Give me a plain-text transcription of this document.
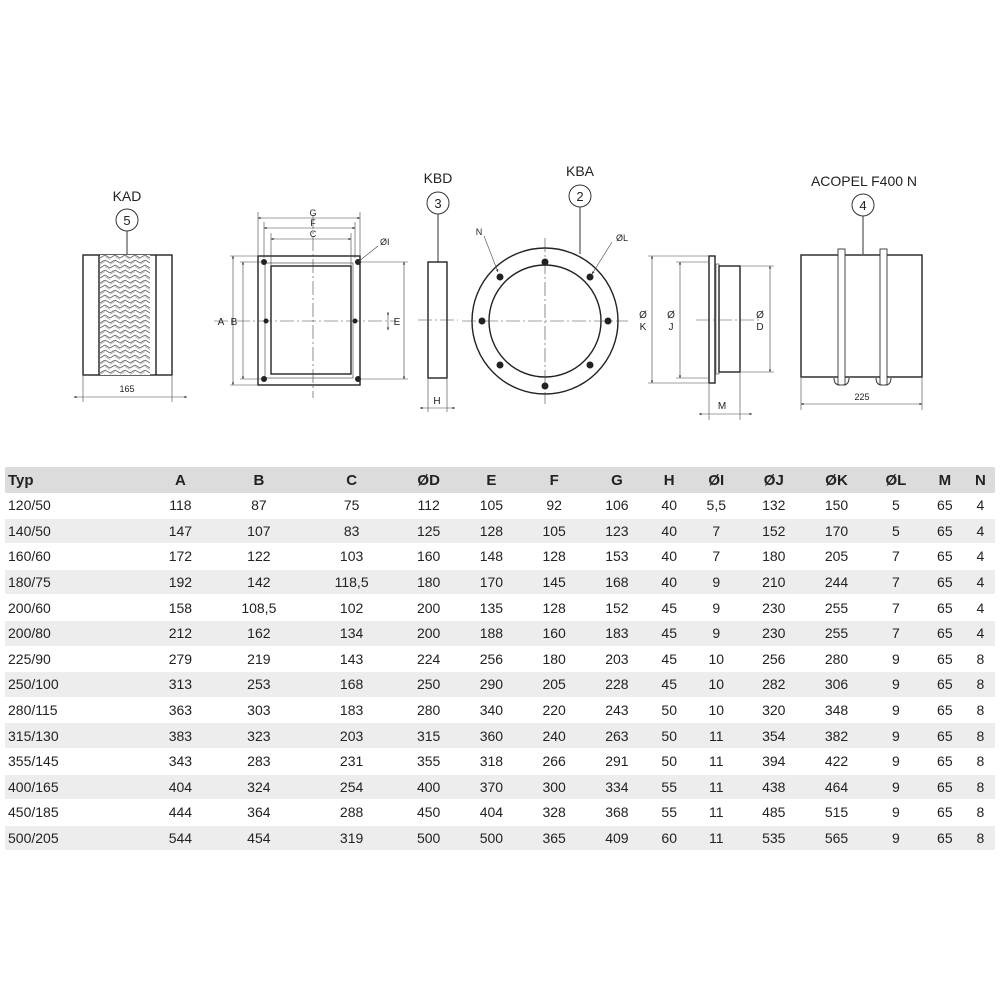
KAD
5
165
G
F
C
ØI
A B	E
KBD
3
H
KBA
2
N
ØL
Ø
K
Ø
J
Ø
D
M
ACOPEL F400 N
4
225
Typ	A	B	C	ØD	E	F	G	H	ØI	ØJ	ØK	ØL	M	N
120/50	118	87	75	112	105	92	106	40	5,5	132	150	5	65	4
140/50	147	107	83	125	128	105	123	40	7	152	170	5	65	4
160/60	172	122	103	160	148	128	153	40	7	180	205	7	65	4
180/75	192	142	118,5	180	170	145	168	40	9	210	244	7	65	4
200/60	158	108,5	102	200	135	128	152	45	9	230	255	7	65	4
200/80	212	162	134	200	188	160	183	45	9	230	255	7	65	4
225/90	279	219	143	224	256	180	203	45	10	256	280	9	65	8
250/100	313	253	168	250	290	205	228	45	10	282	306	9	65	8
280/115	363	303	183	280	340	220	243	50	10	320	348	9	65	8
315/130	383	323	203	315	360	240	263	50	11	354	382	9	65	8
355/145	343	283	231	355	318	266	291	50	11	394	422	9	65	8
400/165	404	324	254	400	370	300	334	55	11	438	464	9	65	8
450/185	444	364	288	450	404	328	368	55	11	485	515	9	65	8
500/205	544	454	319	500	500	365	409	60	11	535	565	9	65	8
